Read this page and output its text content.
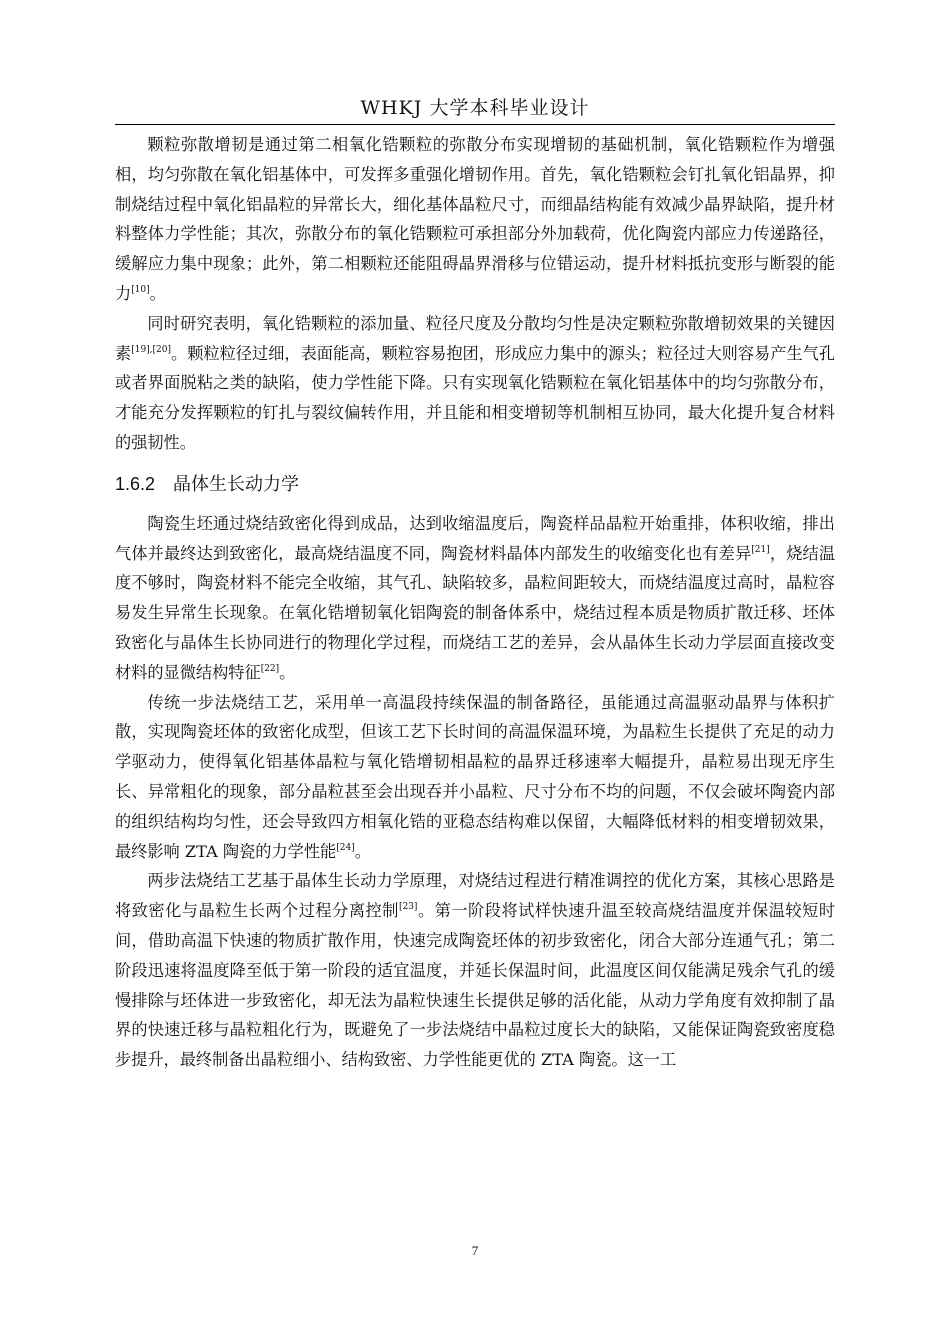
WHKJ 大学本科毕业设计

颗粒弥散增韧是通过第二相氧化锆颗粒的弥散分布实现增韧的基础机制，氧化锆颗粒作为增强相，均匀弥散在氧化铝基体中，可发挥多重强化增韧作用。首先，氧化锆颗粒会钉扎氧化铝晶界，抑制烧结过程中氧化铝晶粒的异常长大，细化基体晶粒尺寸，而细晶结构能有效减少晶界缺陷，提升材料整体力学性能；其次，弥散分布的氧化锆颗粒可承担部分外加载荷，优化陶瓷内部应力传递路径，缓解应力集中现象；此外，第二相颗粒还能阻碍晶界滑移与位错运动，提升材料抵抗变形与断裂的能力[10]。

同时研究表明，氧化锆颗粒的添加量、粒径尺度及分散均匀性是决定颗粒弥散增韧效果的关键因素[19],[20]。颗粒粒径过细，表面能高，颗粒容易抱团，形成应力集中的源头；粒径过大则容易产生气孔或者界面脱粘之类的缺陷，使力学性能下降。只有实现氧化锆颗粒在氧化铝基体中的均匀弥散分布，才能充分发挥颗粒的钉扎与裂纹偏转作用，并且能和相变增韧等机制相互协同，最大化提升复合材料的强韧性。

1.6.2 晶体生长动力学

陶瓷生坯通过烧结致密化得到成品，达到收缩温度后，陶瓷样品晶粒开始重排，体积收缩，排出气体并最终达到致密化，最高烧结温度不同，陶瓷材料晶体内部发生的收缩变化也有差异[21]，烧结温度不够时，陶瓷材料不能完全收缩，其气孔、缺陷较多，晶粒间距较大，而烧结温度过高时，晶粒容易发生异常生长现象。在氧化锆增韧氧化铝陶瓷的制备体系中，烧结过程本质是物质扩散迁移、坯体致密化与晶体生长协同进行的物理化学过程，而烧结工艺的差异，会从晶体生长动力学层面直接改变材料的显微结构特征[22]。

传统一步法烧结工艺，采用单一高温段持续保温的制备路径，虽能通过高温驱动晶界与体积扩散，实现陶瓷坯体的致密化成型，但该工艺下长时间的高温保温环境，为晶粒生长提供了充足的动力学驱动力，使得氧化铝基体晶粒与氧化锆增韧相晶粒的晶界迁移速率大幅提升，晶粒易出现无序生长、异常粗化的现象，部分晶粒甚至会出现吞并小晶粒、尺寸分布不均的问题，不仅会破坏陶瓷内部的组织结构均匀性，还会导致四方相氧化锆的亚稳态结构难以保留，大幅降低材料的相变增韧效果，最终影响 ZTA 陶瓷的力学性能[24]。

两步法烧结工艺基于晶体生长动力学原理，对烧结过程进行精准调控的优化方案，其核心思路是将致密化与晶粒生长两个过程分离控制[23]。第一阶段将试样快速升温至较高烧结温度并保温较短时间，借助高温下快速的物质扩散作用，快速完成陶瓷坯体的初步致密化，闭合大部分连通气孔；第二阶段迅速将温度降至低于第一阶段的适宜温度，并延长保温时间，此温度区间仅能满足残余气孔的缓慢排除与坯体进一步致密化，却无法为晶粒快速生长提供足够的活化能，从动力学角度有效抑制了晶界的快速迁移与晶粒粗化行为，既避免了一步法烧结中晶粒过度长大的缺陷，又能保证陶瓷致密度稳步提升，最终制备出晶粒细小、结构致密、力学性能更优的 ZTA 陶瓷。这一工

7
